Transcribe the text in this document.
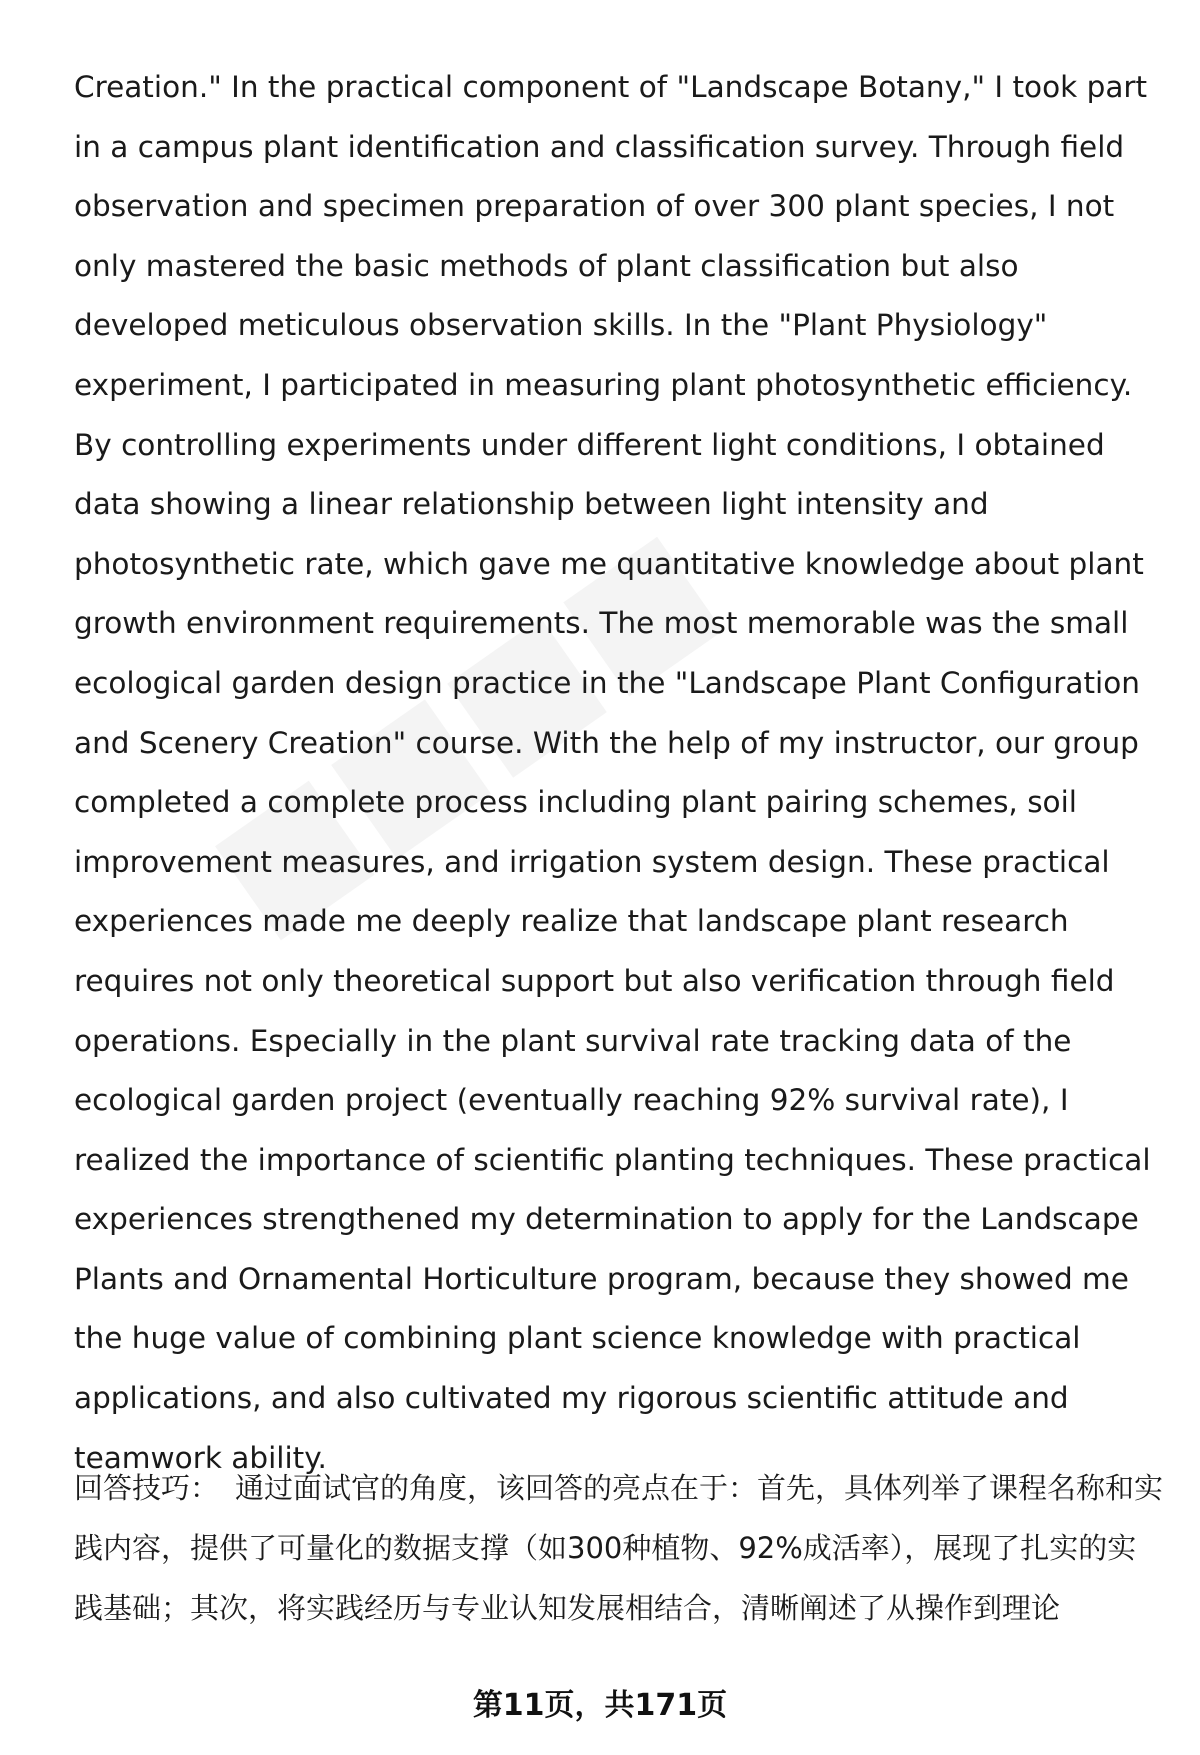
Creation." In the practical component of "Landscape Botany," I took part in a campus plant identification and classification survey. Through field observation and specimen preparation of over 300 plant species, I not only mastered the basic methods of plant classification but also developed meticulous observation skills. In the "Plant Physiology" experiment, I participated in measuring plant photosynthetic efficiency. By controlling experiments under different light conditions, I obtained data showing a linear relationship between light intensity and photosynthetic rate, which gave me quantitative knowledge about plant growth environment requirements. The most memorable was the small ecological garden design practice in the "Landscape Plant Configuration and Scenery Creation" course. With the help of my instructor, our group completed a complete process including plant pairing schemes, soil improvement measures, and irrigation system design. These practical experiences made me deeply realize that landscape plant research requires not only theoretical support but also verification through field operations. Especially in the plant survival rate tracking data of the ecological garden project (eventually reaching 92% survival rate), I realized the importance of scientific planting techniques. These practical experiences strengthened my determination to apply for the Landscape Plants and Ornamental Horticulture program, because they showed me the huge value of combining plant science knowledge with practical applications, and also cultivated my rigorous scientific attitude and teamwork ability.

回答技巧： 通过面试官的角度，该回答的亮点在于：首先，具体列举了课程名称和实践内容，提供了可量化的数据支撑（如300种植物、92%成活率），展现了扎实的实践基础；其次，将实践经历与专业认知发展相结合，清晰阐述了从操作到理论

第11页，共171页
